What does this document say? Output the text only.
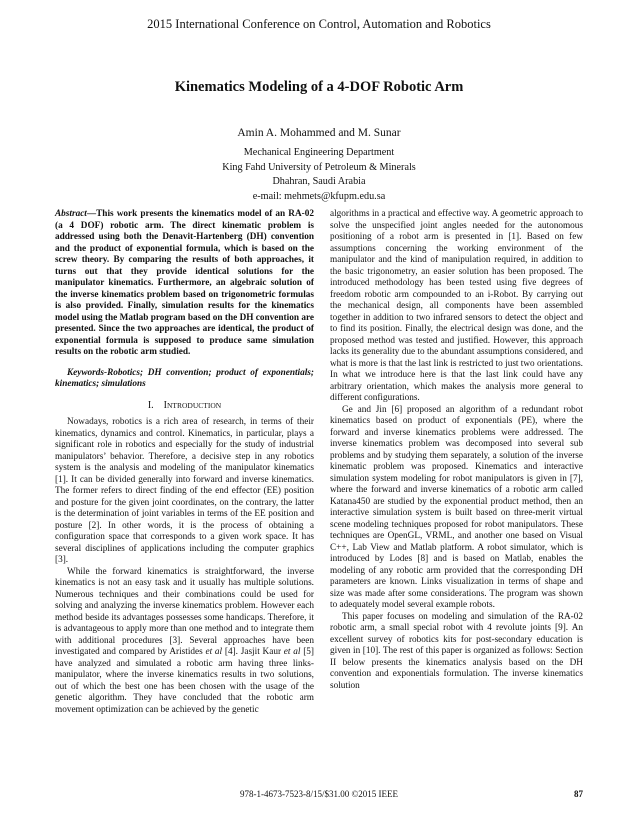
2015 International Conference on Control, Automation and Robotics
Kinematics Modeling of a 4-DOF Robotic Arm
Amin A. Mohammed and M. Sunar
Mechanical Engineering Department
King Fahd University of Petroleum & Minerals
Dhahran, Saudi Arabia
e-mail: mehmets@kfupm.edu.sa

Abstract—This work presents the kinematics model of an RA-02 (a 4 DOF) robotic arm. The direct kinematic problem is addressed using both the Denavit-Hartenberg (DH) convention and the product of exponential formula, which is based on the screw theory. By comparing the results of both approaches, it turns out that they provide identical solutions for the manipulator kinematics. Furthermore, an algebraic solution of the inverse kinematics problem based on trigonometric formulas is also provided. Finally, simulation results for the kinematics model using the Matlab program based on the DH convention are presented. Since the two approaches are identical, the product of exponential formula is supposed to produce same simulation results on the robotic arm studied.

Keywords-Robotics; DH convention; product of exponentials; kinematics; simulations

I. INTRODUCTION

Nowadays, robotics is a rich area of research, in terms of their kinematics, dynamics and control. Kinematics, in particular, plays a significant role in robotics and especially for the study of industrial manipulators’ behavior. Therefore, a decisive step in any robotics system is the analysis and modeling of the manipulator kinematics [1]. It can be divided generally into forward and inverse kinematics. The former refers to direct finding of the end effector (EE) position and posture for the given joint coordinates, on the contrary, the latter is the determination of joint variables in terms of the EE position and posture [2]. In other words, it is the process of obtaining a configuration space that corresponds to a given work space. It has several disciplines of applications including the computer graphics [3].

While the forward kinematics is straightforward, the inverse kinematics is not an easy task and it usually has multiple solutions. Numerous techniques and their combinations could be used for solving and analyzing the inverse kinematics problem. However each method beside its advantages possesses some handicaps. Therefore, it is advantageous to apply more than one method and to integrate them with additional procedures [3]. Several approaches have been investigated and compared by Aristides et al [4]. Jasjit Kaur et al [5] have analyzed and simulated a robotic arm having three links-manipulator, where the inverse kinematics results in two solutions, out of which the best one has been chosen with the usage of the genetic algorithm. They have concluded that the robotic arm movement optimization can be achieved by the genetic

algorithms in a practical and effective way. A geometric approach to solve the unspecified joint angles needed for the autonomous positioning of a robot arm is presented in [1]. Based on few assumptions concerning the working environment of the manipulator and the kind of manipulation required, in addition to the basic trigonometry, an easier solution has been proposed. The introduced methodology has been tested using five degrees of freedom robotic arm compounded to an i-Robot. By carrying out the mechanical design, all components have been assembled together in addition to two infrared sensors to detect the object and to find its position. Finally, the electrical design was done, and the proposed method was tested and justified. However, this approach lacks its generality due to the abundant assumptions considered, and what is more is that the last link is restricted to just two orientations. In what we introduce here is that the last link could have any arbitrary orientation, which makes the analysis more general to different configurations.

Ge and Jin [6] proposed an algorithm of a redundant robot kinematics based on product of exponentials (PE), where the forward and inverse kinematics problems were addressed. The inverse kinematics problem was decomposed into several sub problems and by studying them separately, a solution of the inverse kinematic problem was proposed. Kinematics and interactive simulation system modeling for robot manipulators is given in [7], where the forward and inverse kinematics of a robotic arm called Katana450 are studied by the exponential product method, then an interactive simulation system is built based on three-merit virtual scene modeling techniques proposed for robot manipulators. These techniques are OpenGL, VRML, and another one based on Visual C++, Lab View and Matlab platform. A robot simulator, which is introduced by Lodes [8] and is based on Matlab, enables the modeling of any robotic arm provided that the corresponding DH parameters are known. Links visualization in terms of shape and size was made after some considerations. The program was shown to adequately model several example robots.

This paper focuses on modeling and simulation of the RA-02 robotic arm, a small special robot with 4 revolute joints [9]. An excellent survey of robotics kits for post-secondary education is given in [10]. The rest of this paper is organized as follows: Section II below presents the kinematics analysis based on the DH convention and exponentials formulation. The inverse kinematics solution

978-1-4673-7523-8/15/$31.00 ©2015 IEEE	87
